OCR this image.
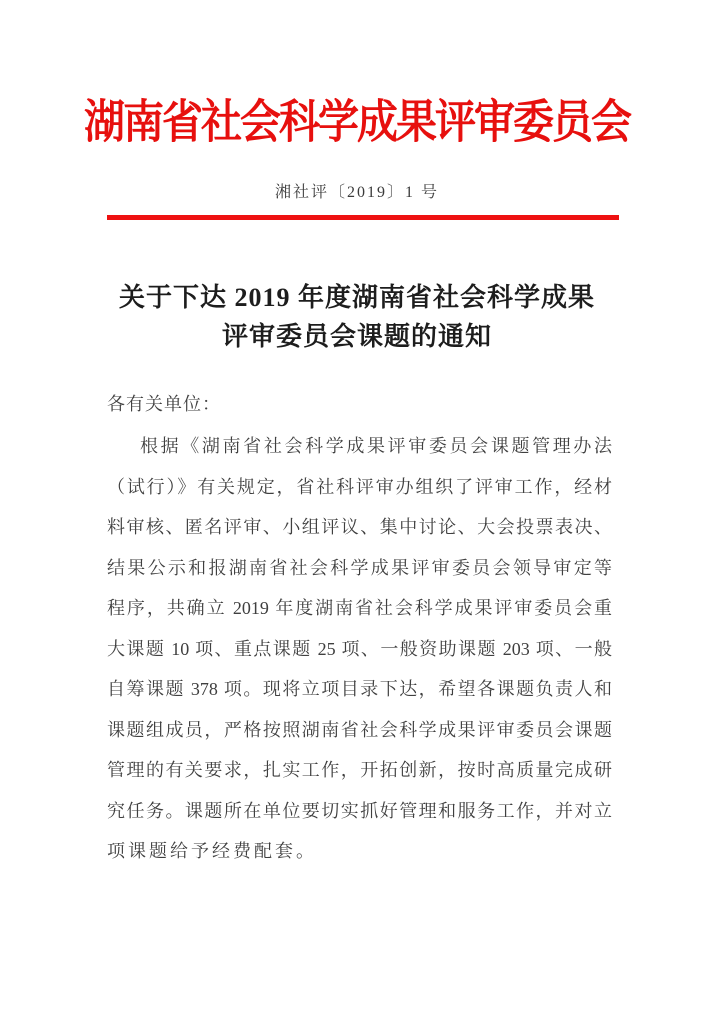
湖南省社会科学成果评审委员会
湘社评〔2019〕1 号
关于下达 2019 年度湖南省社会科学成果
评审委员会课题的通知
各有关单位：
根据《湖南省社会科学成果评审委员会课题管理办法
（试行）》有关规定，省社科评审办组织了评审工作，经材
料审核、匿名评审、小组评议、集中讨论、大会投票表决、
结果公示和报湖南省社会科学成果评审委员会领导审定等
程序，共确立 2019 年度湖南省社会科学成果评审委员会重
大课题 10 项、重点课题 25 项、一般资助课题 203 项、一般
自筹课题 378 项。现将立项目录下达，希望各课题负责人和
课题组成员，严格按照湖南省社会科学成果评审委员会课题
管理的有关要求，扎实工作，开拓创新，按时高质量完成研
究任务。课题所在单位要切实抓好管理和服务工作，并对立
项课题给予经费配套。
